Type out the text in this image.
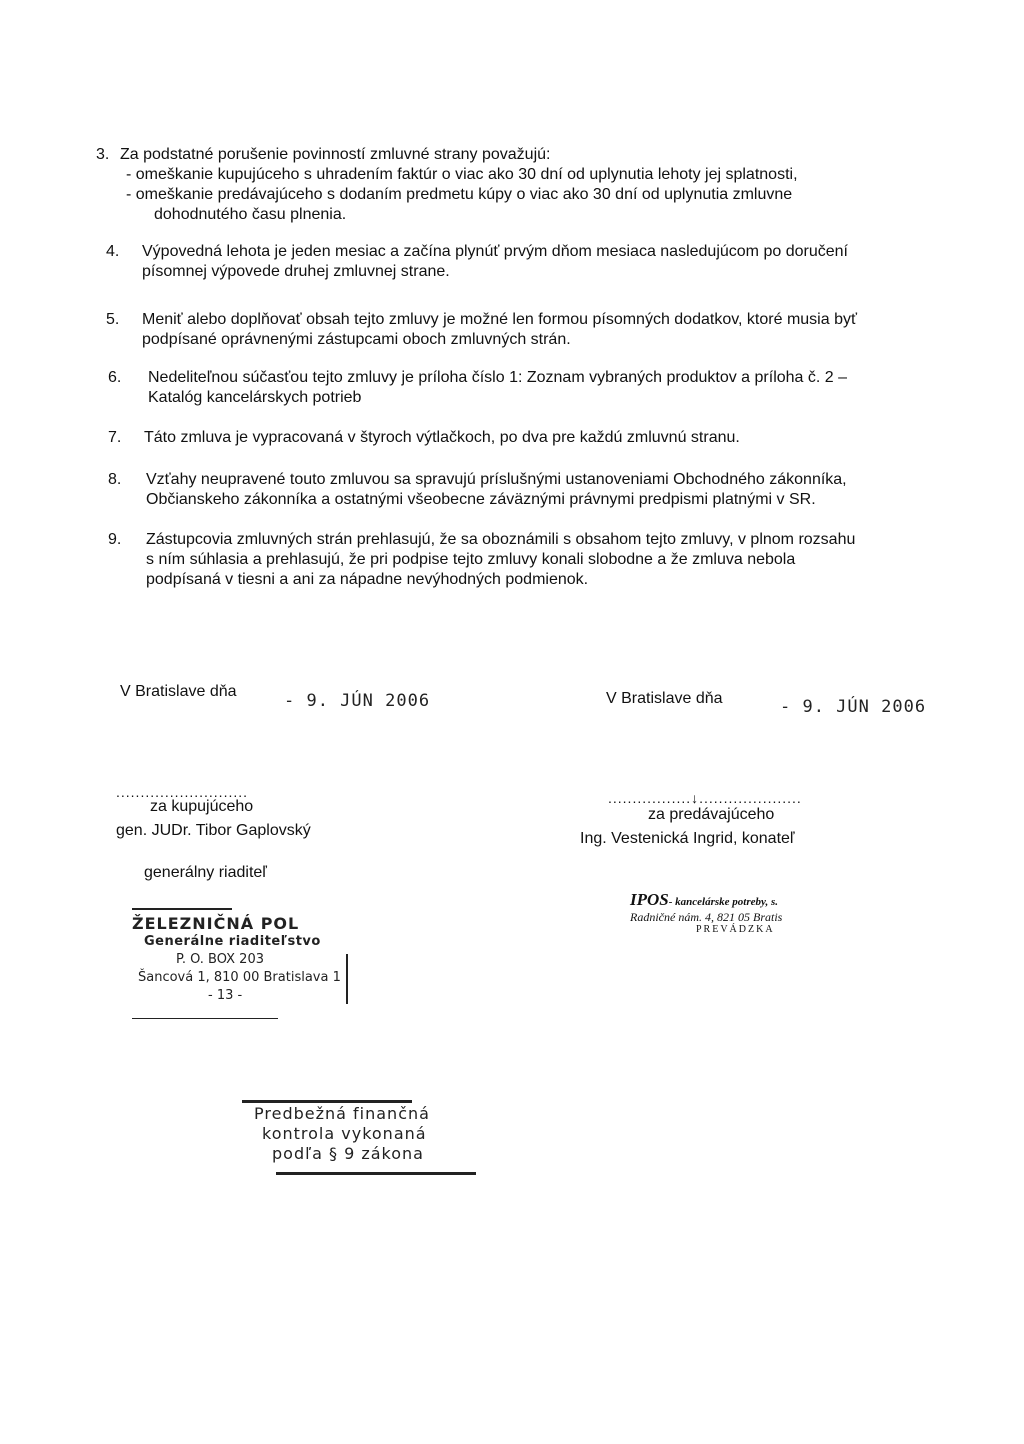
3. Za podstatné porušenie povinností zmluvné strany považujú:

- omeškanie kupujúceho s uhradením faktúr o viac ako 30 dní od uplynutia lehoty jej splatnosti,

- omeškanie predávajúceho s dodaním predmetu kúpy o viac ako 30 dní od uplynutia zmluvne

dohodnutého času plnenia.

4. Výpovedná lehota je jeden mesiac a začína plynúť prvým dňom mesiaca nasledujúcom po doručení

písomnej výpovede druhej zmluvnej strane.

5. Meniť alebo doplňovať obsah tejto zmluvy je možné len formou písomných dodatkov, ktoré musia byť

podpísané oprávnenými zástupcami oboch zmluvných strán.

6. Nedeliteľnou súčasťou tejto zmluvy je príloha číslo 1: Zoznam vybraných produktov a príloha č. 2 –

Katalóg kancelárskych potrieb

7. Táto zmluva je vypracovaná v štyroch výtlačkoch, po dva pre každú zmluvnú stranu.

8. Vzťahy neupravené touto zmluvou sa spravujú príslušnými ustanoveniami Obchodného zákonníka,

Občianskeho zákonníka a ostatnými všeobecne záväznými právnymi predpismi platnými v SR.

9. Zástupcovia zmluvných strán prehlasujú, že sa oboznámili s obsahom tejto zmluvy, v plnom rozsahu

s ním súhlasia a prehlasujú, že pri podpise tejto zmluvy konali slobodne a že zmluva nebola

podpísaná v tiesni a ani za nápadne nevýhodných podmienok.

V Bratislave dňa	- 9. JÚN 2006
...........................
za kupujúceho
gen. JUDr. Tibor Gaplovský
generálny riaditeľ
V Bratislave dňa	- 9. JÚN 2006
.................↓.....................
za predávajúceho
Ing. Vestenická Ingrid, konateľ
ŽELEZNIČNÁ POL
Generálne riaditeľstvo
P. O. BOX 203
Šancová 1, 810 00 Bratislava 1
- 13 -
IPOS- kancelárske potreby, s.
Radničné nám. 4, 821 05 Bratis
PREVÁDZKA
Predbežná finančná
kontrola vykonaná
podľa § 9 zákona
